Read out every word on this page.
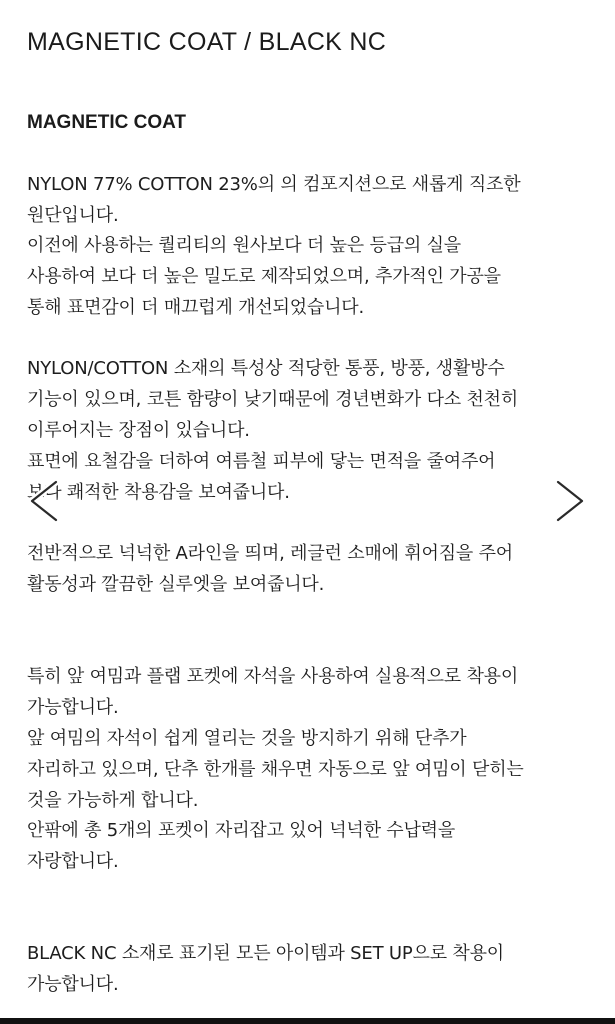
MAGNETIC COAT / BLACK NC
MAGNETIC COAT
NYLON 77% COTTON 23%의 의 컴포지션으로 새롭게 직조한
원단입니다.
이전에 사용하는 퀄리티의 원사보다 더 높은 등급의 실을
사용하여 보다 더 높은 밀도로 제작되었으며, 추가적인 가공을
통해 표면감이 더 매끄럽게 개선되었습니다.
NYLON/COTTON 소재의 특성상 적당한 통풍, 방풍, 생활방수
기능이 있으며, 코튼 함량이 낮기때문에 경년변화가 다소 천천히
이루어지는 장점이 있습니다.
표면에 요철감을 더하여 여름철 피부에 닿는 면적을 줄여주어
보다 쾌적한 착용감을 보여줍니다.
전반적으로 넉넉한 A라인을 띄며, 레글런 소매에 휘어짐을 주어
활동성과 깔끔한 실루엣을 보여줍니다.
특히 앞 여밈과 플랩 포켓에 자석을 사용하여 실용적으로 착용이
가능합니다.
앞 여밈의 자석이 쉽게 열리는 것을 방지하기 위해 단추가
자리하고 있으며, 단추 한개를 채우면 자동으로 앞 여밈이 닫히는
것을 가능하게 합니다.
안팎에 총 5개의 포켓이 자리잡고 있어 넉넉한 수납력을
자랑합니다.
BLACK NC 소재로 표기된 모든 아이템과 SET UP으로 착용이
가능합니다.
